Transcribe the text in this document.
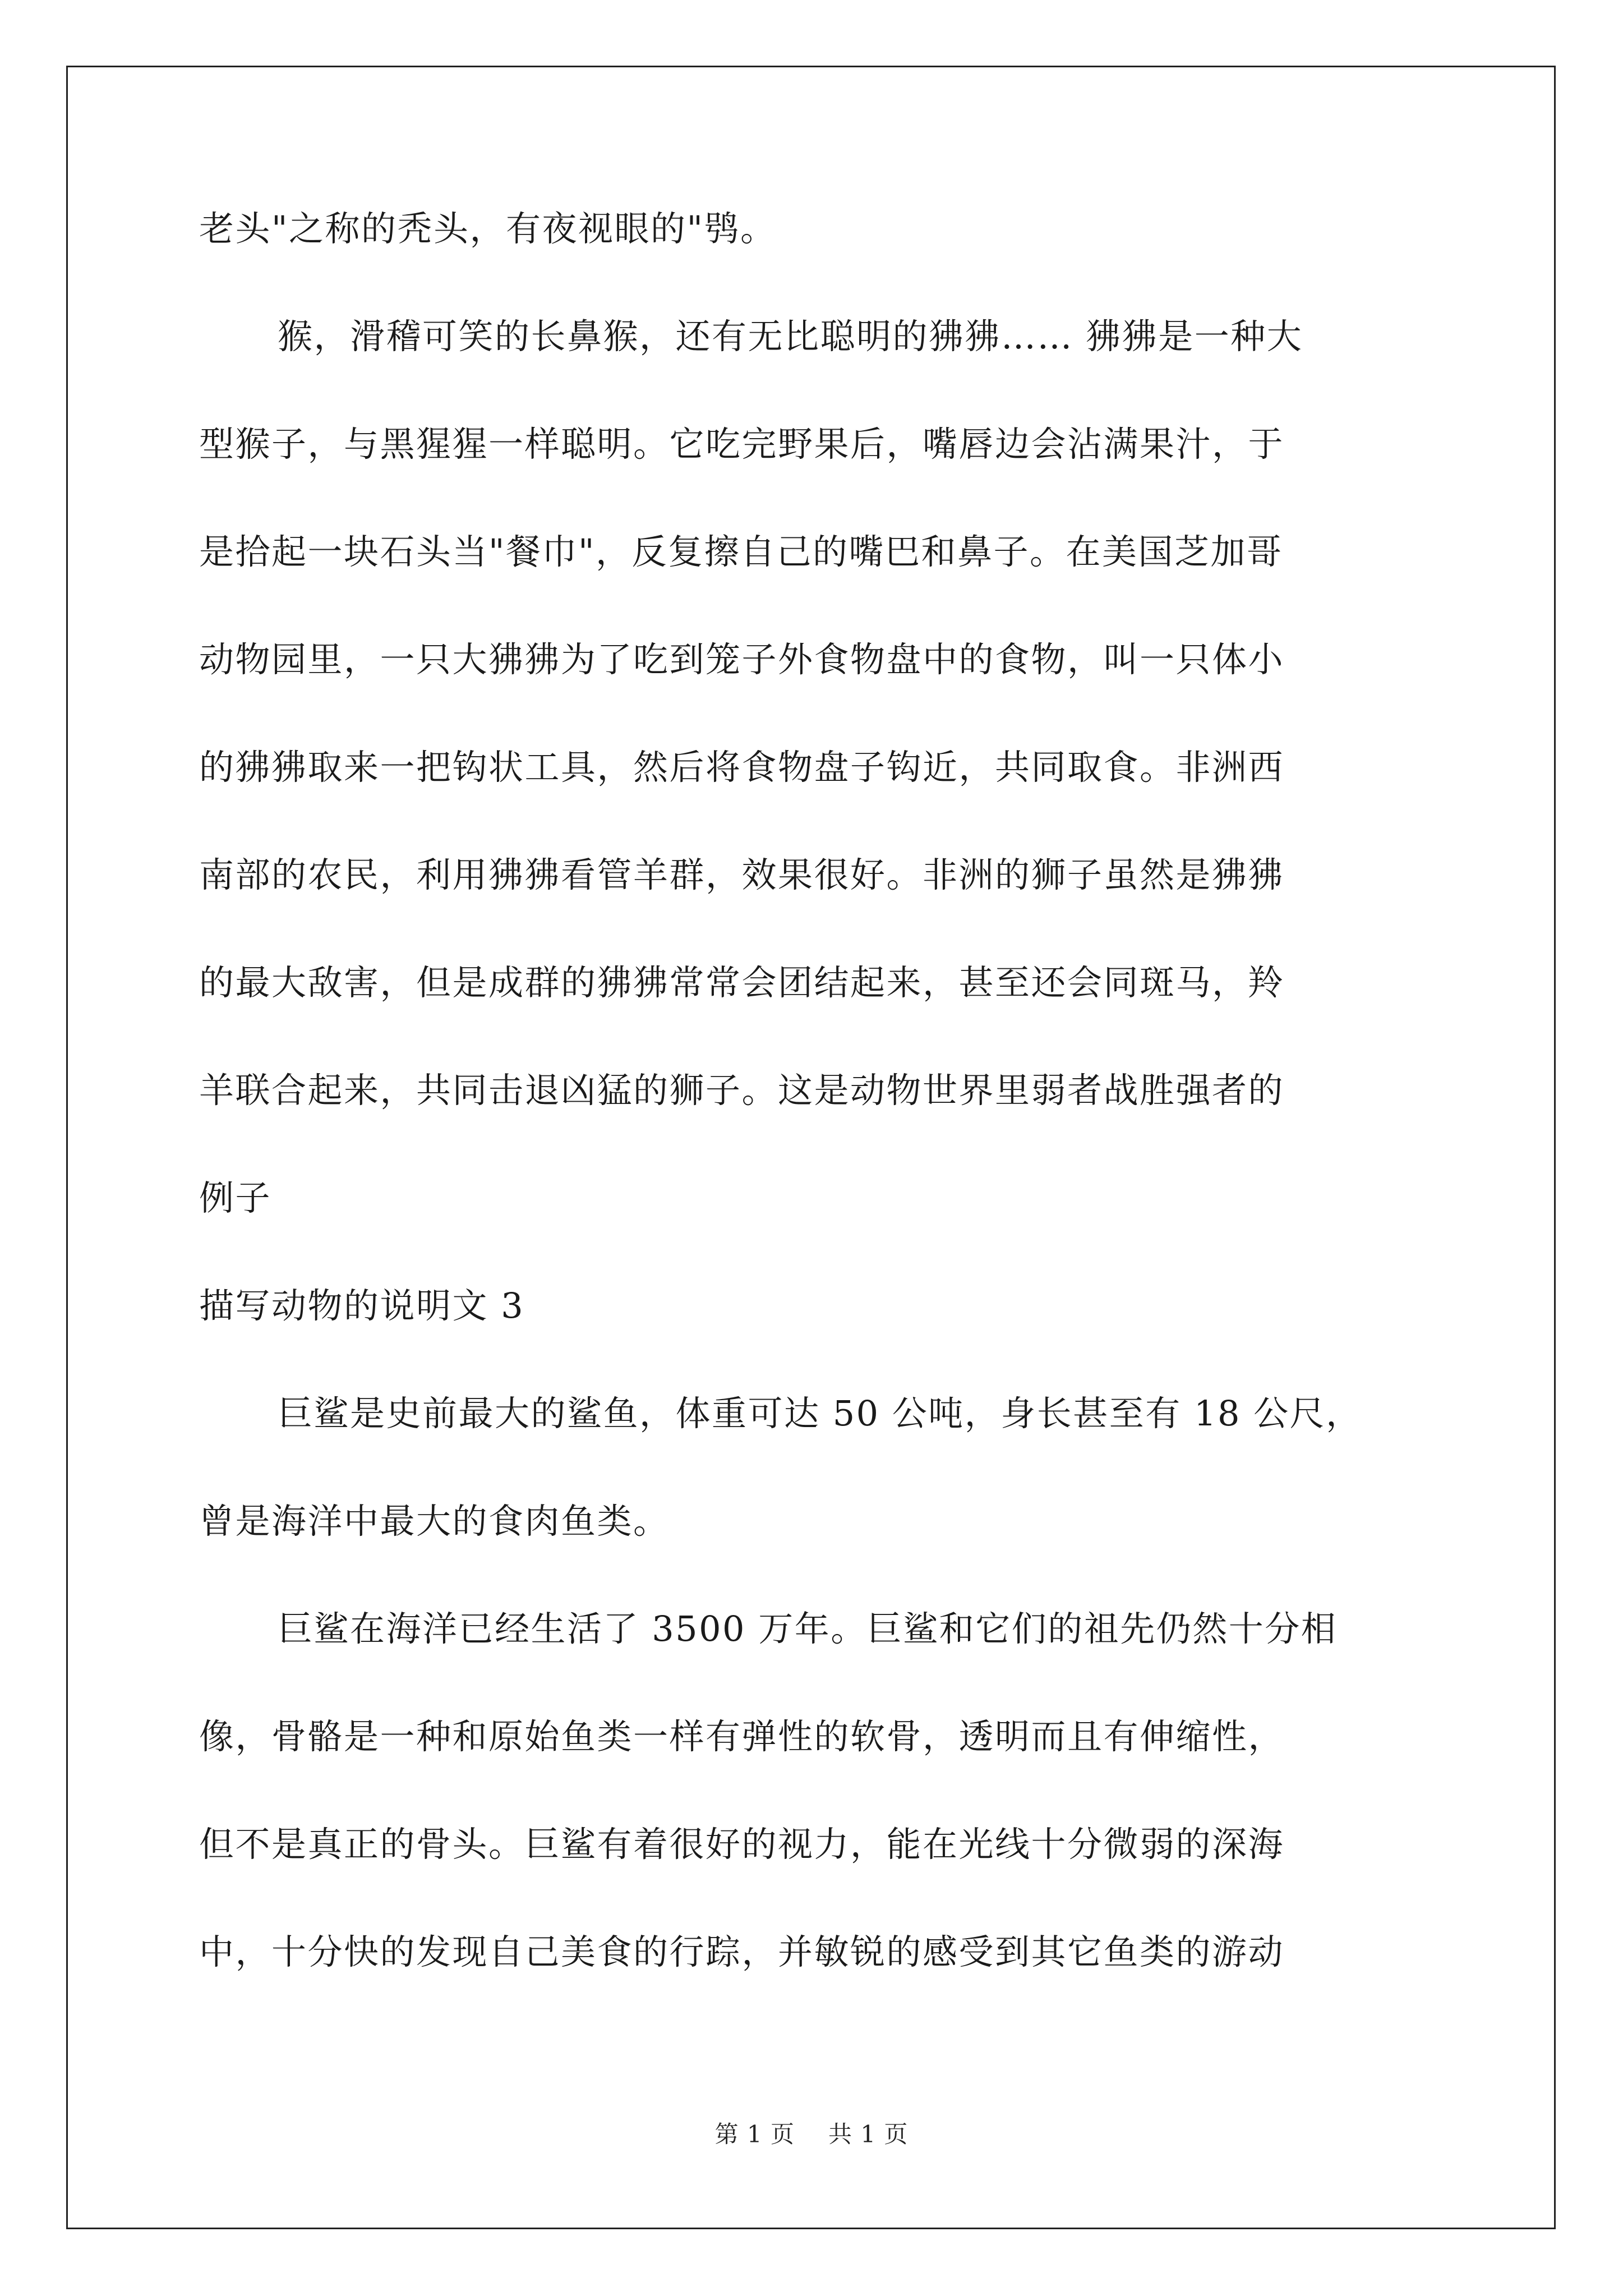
老头"之称的秃头，有夜视眼的"鸮。
猴，滑稽可笑的长鼻猴，还有无比聪明的狒狒…… 狒狒是一种大
型猴子，与黑猩猩一样聪明。它吃完野果后，嘴唇边会沾满果汁，于
是拾起一块石头当"餐巾"，反复擦自己的嘴巴和鼻子。在美国芝加哥
动物园里，一只大狒狒为了吃到笼子外食物盘中的食物，叫一只体小
的狒狒取来一把钩状工具，然后将食物盘子钩近，共同取食。非洲西
南部的农民，利用狒狒看管羊群，效果很好。非洲的狮子虽然是狒狒
的最大敌害，但是成群的狒狒常常会团结起来，甚至还会同斑马，羚
羊联合起来，共同击退凶猛的狮子。这是动物世界里弱者战胜强者的
例子
描写动物的说明文 3
巨鲨是史前最大的鲨鱼，体重可达 50 公吨，身长甚至有 18 公尺，
曾是海洋中最大的食肉鱼类。
巨鲨在海洋已经生活了 3500 万年。巨鲨和它们的祖先仍然十分相
像，骨骼是一种和原始鱼类一样有弹性的软骨，透明而且有伸缩性，
但不是真正的骨头。巨鲨有着很好的视力，能在光线十分微弱的深海
中，十分快的发现自己美食的行踪，并敏锐的感受到其它鱼类的游动
第 1 页 共 1 页
